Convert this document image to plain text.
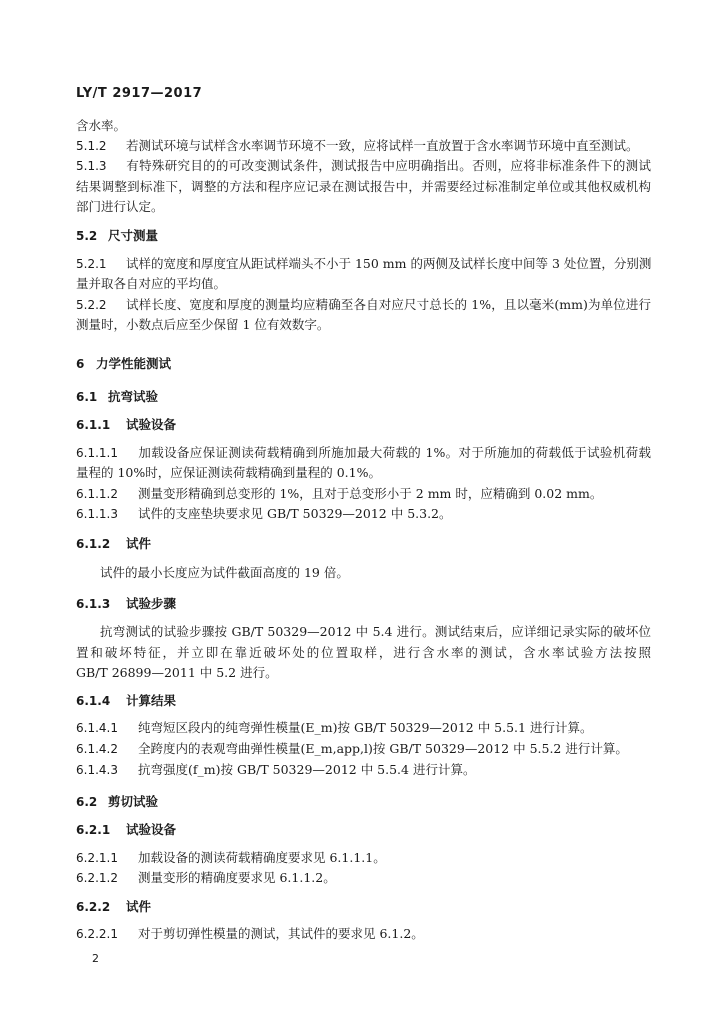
LY/T 2917—2017
含水率。
5.1.2 若测试环境与试样含水率调节环境不一致，应将试样一直放置于含水率调节环境中直至测试。
5.1.3 有特殊研究目的的可改变测试条件，测试报告中应明确指出。否则，应将非标准条件下的测试
结果调整到标准下，调整的方法和程序应记录在测试报告中，并需要经过标准制定单位或其他权威机构
部门进行认定。
5.2 尺寸测量
5.2.1 试样的宽度和厚度宜从距试样端头不小于 150 mm 的两侧及试样长度中间等 3 处位置，分别测
量并取各自对应的平均值。
5.2.2 试样长度、宽度和厚度的测量均应精确至各自对应尺寸总长的 1%，且以毫米(mm)为单位进行
测量时，小数点后应至少保留 1 位有效数字。
6 力学性能测试
6.1 抗弯试验
6.1.1 试验设备
6.1.1.1 加载设备应保证测读荷载精确到所施加最大荷载的 1%。对于所施加的荷载低于试验机荷载
量程的 10%时，应保证测读荷载精确到量程的 0.1%。
6.1.1.2 测量变形精确到总变形的 1%，且对于总变形小于 2 mm 时，应精确到 0.02 mm。
6.1.1.3 试件的支座垫块要求见 GB/T 50329—2012 中 5.3.2。
6.1.2 试件
试件的最小长度应为试件截面高度的 19 倍。
6.1.3 试验步骤
抗弯测试的试验步骤按 GB/T 50329—2012 中 5.4 进行。测试结束后，应详细记录实际的破坏位
置和破坏特征，并立即在靠近破坏处的位置取样，进行含水率的测试，含水率试验方法按照
GB/T 26899—2011 中 5.2 进行。
6.1.4 计算结果
6.1.4.1 纯弯短区段内的纯弯弹性模量(E_m)按 GB/T 50329—2012 中 5.5.1 进行计算。
6.1.4.2 全跨度内的表观弯曲弹性模量(E_m,app,l)按 GB/T 50329—2012 中 5.5.2 进行计算。
6.1.4.3 抗弯强度(f_m)按 GB/T 50329—2012 中 5.5.4 进行计算。
6.2 剪切试验
6.2.1 试验设备
6.2.1.1 加载设备的测读荷载精确度要求见 6.1.1.1。
6.2.1.2 测量变形的精确度要求见 6.1.1.2。
6.2.2 试件
6.2.2.1 对于剪切弹性模量的测试，其试件的要求见 6.1.2。
2
